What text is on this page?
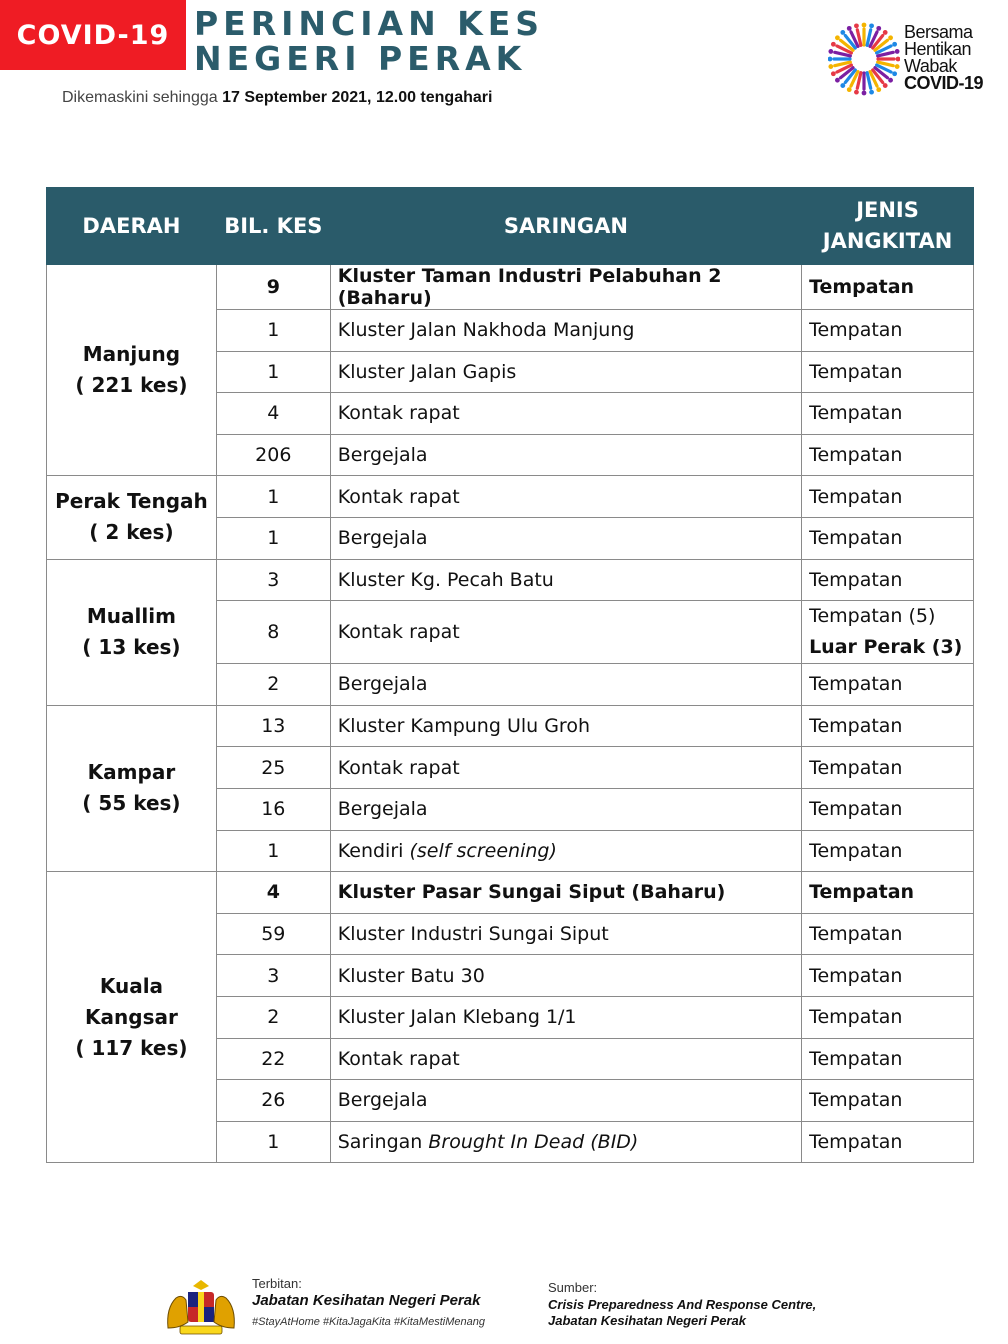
COVID-19 PERINCIAN KES
NEGERI PERAK
Dikemaskini sehingga 17 September 2021, 12.00 tengahari
Bersama
Hentikan
Wabak
COVID-19
DAERAH	BIL. KES	SARINGAN	JENIS
JANGKITAN
Manjung
( 221 kes)	9	Kluster Taman Industri Pelabuhan 2 (Baharu)	Tempatan
	1	Kluster Jalan Nakhoda Manjung	Tempatan
	1	Kluster Jalan Gapis	Tempatan
	4	Kontak rapat	Tempatan
	206	Bergejala	Tempatan
Perak Tengah
( 2 kes)	1	Kontak rapat	Tempatan
	1	Bergejala	Tempatan
Muallim
( 13 kes)	3	Kluster Kg. Pecah Batu	Tempatan
	8	Kontak rapat	Tempatan (5)
Luar Perak (3)
	2	Bergejala	Tempatan
Kampar
( 55 kes)	13	Kluster Kampung Ulu Groh	Tempatan
	25	Kontak rapat	Tempatan
	16	Bergejala	Tempatan
	1	Kendiri (self screening)	Tempatan
Kuala Kangsar
( 117 kes)	4	Kluster Pasar Sungai Siput (Baharu)	Tempatan
	59	Kluster Industri Sungai Siput	Tempatan
	3	Kluster Batu 30	Tempatan
	2	Kluster Jalan Klebang 1/1	Tempatan
	22	Kontak rapat	Tempatan
	26	Bergejala	Tempatan
	1	Saringan Brought In Dead (BID)	Tempatan
Terbitan:
Jabatan Kesihatan Negeri Perak
#StayAtHome #KitaJagaKita #KitaMestiMenang
Sumber:
Crisis Preparedness And Response Centre,
Jabatan Kesihatan Negeri Perak
